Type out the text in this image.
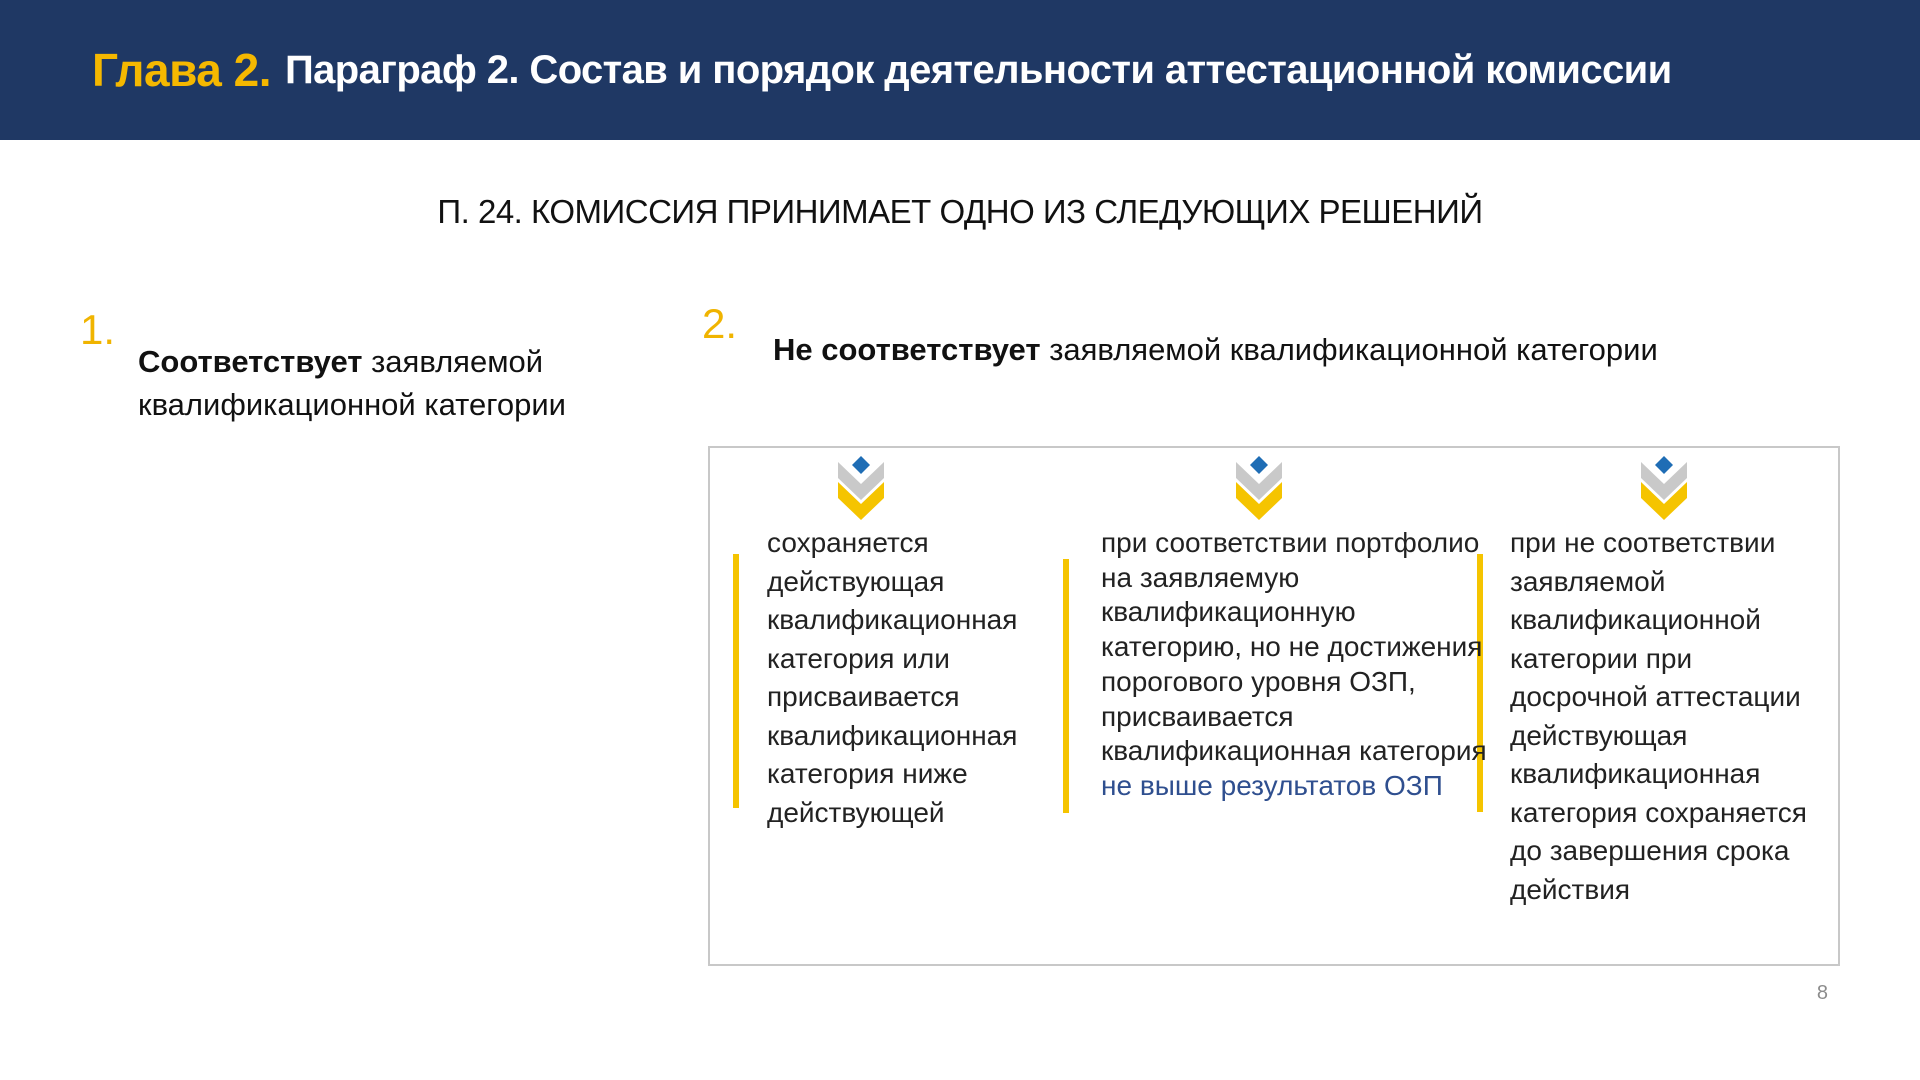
Глава 2. Параграф 2. Состав и порядок деятельности аттестационной комиссии
П. 24. КОМИССИЯ ПРИНИМАЕТ ОДНО ИЗ СЛЕДУЮЩИХ РЕШЕНИЙ
1.
Соответствует заявляемой квалификационной категории
2.
Не соответствует заявляемой квалификационной категории
сохраняется действующая квалификационная категория или присваивается квалификационная категория ниже действующей
при соответствии портфолио на заявляемую квалификационную категорию, но не достижения порогового уровня ОЗП, присваивается квалификационная категория не выше результатов ОЗП
при не соответствии заявляемой квалификационной категории при досрочной аттестации действующая квалификационная категория сохраняется до завершения срока действия
8
